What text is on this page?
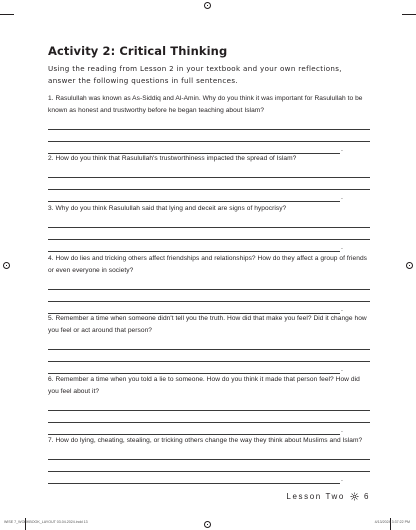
Activity 2: Critical Thinking

Using the reading from Lesson 2 in your textbook and your own reflections, answer the following questions in full sentences.

1. Rasulullah was known as As-Siddiq and Al-Amin. Why do you think it was important for Rasulullah to be known as honest and trustworthy before he began teaching about Islam?

.

2. How do you think that Rasulullah's trustworthiness impacted the spread of Islam?

.

3. Why do you think Rasulullah said that lying and deceit are signs of hypocrisy?

.

4. How do lies and tricking others affect friendships and relationships? How do they affect a group of friends or even everyone in society?

.

5. Remember a time when someone didn't tell you the truth. How did that make you feel? Did it change how you feel or act around that person?

.

6. Remember a time when you told a lie to someone. How do you think it made that person feel? How did you feel about it?

.

7. How do lying, cheating, stealing, or tricking others change the way they think about Muslims and Islam?

.
Lesson Two 6
WISE 7_WORKBOOK_LAYOUT 03.04.2024.indd 13	4/13/2024 3:37:22 PM
